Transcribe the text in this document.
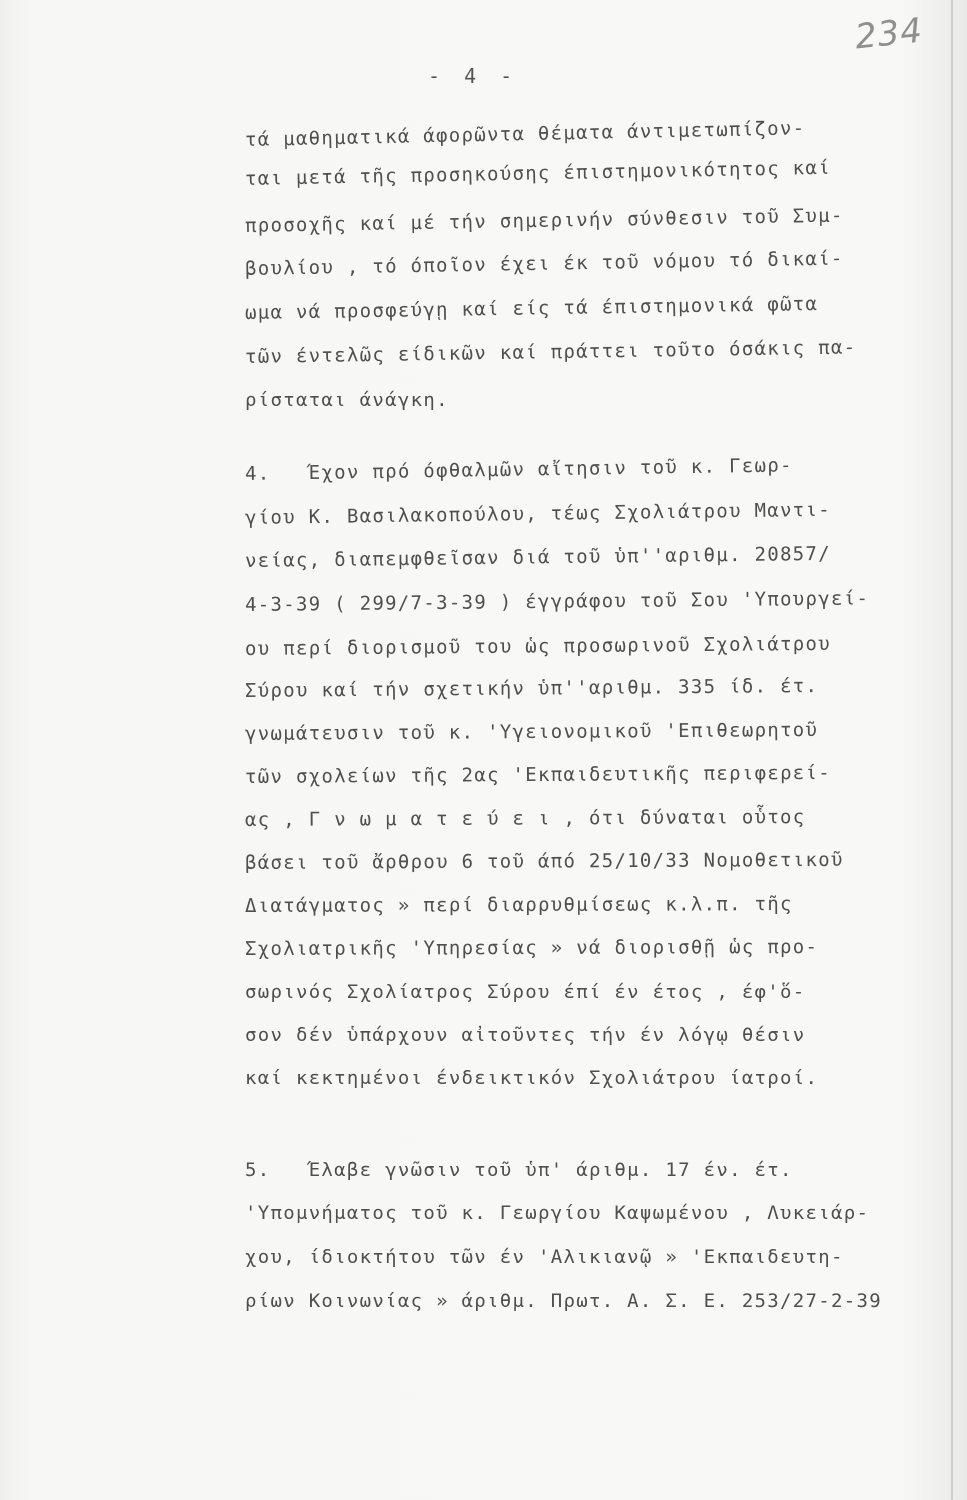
234
- 4 -
τά μαθηματικά άφορῶντα θέματα άντιμετωπίζον-
ται μετά τῆς προσηκούσης έπιστημονικότητος καί
προσοχῆς καί μέ τήν σημερινήν σύνθεσιν τοῦ Συμ-
βουλίου , τό όποῖον έχει έκ τοῦ νόμου τό δικαί-
ωμα νά προσφεύγῃ καί είς τά έπιστημονικά φῶτα
τῶν έντελῶς είδικῶν καί πράττει τοῦτο όσάκις πα-
ρίσταται άνάγκη.
4.   Έχον πρό όφθαλμῶν αἴτησιν τοῦ κ. Γεωρ-
γίου Κ. Βασιλακοπούλου, τέως Σχολιάτρου Μαντι-
νείας, διαπεμφθεῖσαν διά τοῦ ὑπ''αριθμ. 20857/
4-3-39 ( 299/7-3-39 ) έγγράφου τοῦ Σου 'Υπουργεί-
ου περί διορισμοῦ του ὡς προσωρινοῦ Σχολιάτρου
Σύρου καί τήν σχετικήν ὑπ''αριθμ. 335 ίδ. έτ.
γνωμάτευσιν τοῦ κ. 'Υγειονομικοῦ 'Επιθεωρητοῦ
τῶν σχολείων τῆς 2ας 'Εκπαιδευτικῆς περιφερεί-
ας , Γ ν ω μ α τ ε ύ ε ι , ότι δύναται οὗτος
βάσει τοῦ ἄρθρου 6 τοῦ άπό 25/10/33 Νομοθετικοῦ
Διατάγματος » περί διαρρυθμίσεως κ.λ.π. τῆς
Σχολιατρικῆς 'Υπηρεσίας » νά διορισθῇ ὡς προ-
σωρινός Σχολίατρος Σύρου έπί έν έτος , έφ'ὅ-
σον δέν ὑπάρχουν αἰτοῦντες τήν έν λόγῳ θέσιν
καί κεκτημένοι ένδεικτικόν Σχολιάτρου ίατροί.
5.   Έλαβε γνῶσιν τοῦ ὑπ' άριθμ. 17 έν. έτ.
'Υπομνήματος τοῦ κ. Γεωργίου Καψωμένου , Λυκειάρ-
χου, ίδιοκτήτου τῶν έν 'Αλικιανῷ » 'Εκπαιδευτη-
ρίων Κοινωνίας » άριθμ. Πρωτ. Α. Σ. Ε. 253/27-2-39
